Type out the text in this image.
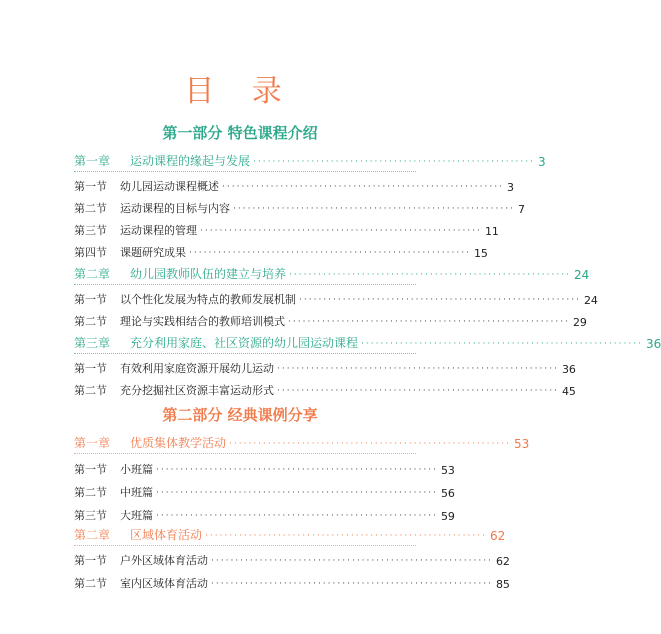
目 录
第一部分 特色课程介绍
第一章	运动课程的缘起与发展 ·························································· 3
第一节	幼儿园运动课程概述 ·························································· 3
第二节	运动课程的目标与内容 ·························································· 7
第三节	运动课程的管理 ·························································· 11
第四节	课题研究成果 ·························································· 15
第二章	幼儿园教师队伍的建立与培养 ·························································· 24
第一节	以个性化发展为特点的教师发展机制 ·························································· 24
第二节	理论与实践相结合的教师培训模式 ·························································· 29
第三章	充分利用家庭、社区资源的幼儿园运动课程 ·························································· 36
第一节	有效利用家庭资源开展幼儿运动 ·························································· 36
第二节	充分挖掘社区资源丰富运动形式 ·························································· 45
第二部分 经典课例分享
第一章	优质集体教学活动 ·························································· 53
第一节	小班篇 ·························································· 53
第二节	中班篇 ·························································· 56
第三节	大班篇 ·························································· 59
第二章	区域体育活动 ·························································· 62
第一节	户外区域体育活动 ·························································· 62
第二节	室内区域体育活动 ·························································· 85
